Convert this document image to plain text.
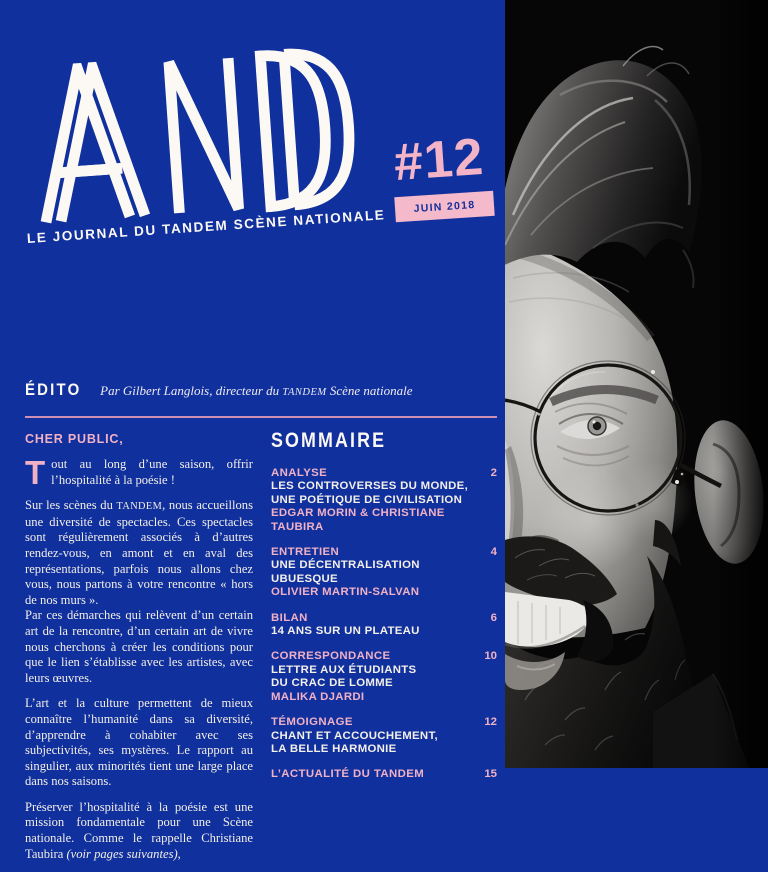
#12
JUIN 2018
LE JOURNAL DU TANDEM SCÈNE NATIONALE
ÉDITO Par Gilbert Langlois, directeur du TANDEM Scène nationale
CHER PUBLIC,

Tout au long d’une saison, offrir l’hospitalité à la poésie !

Sur les scènes du TANDEM, nous accueillons une diversité de spectacles. Ces spectacles sont régulièrement associés à d’autres rendez-vous, en amont et en aval des représentations, parfois nous allons chez vous, nous partons à votre rencontre « hors de nos murs ».

Par ces démarches qui relèvent d’un certain art de la rencontre, d’un certain art de vivre nous cherchons à créer les conditions pour que le lien s’établisse avec les artistes, avec leurs œuvres.

L’art et la culture permettent de mieux connaître l’humanité dans sa diversité, d’apprendre à cohabiter avec ses subjectivités, ses mystères. Le rapport au singulier, aux minorités tient une large place dans nos saisons.

Préserver l’hospitalité à la poésie est une mission fondamentale pour une Scène nationale. Comme le rappelle Christiane Taubira (voir pages suivantes),

SOMMAIRE
ANALYSE	2
LES CONTROVERSES DU MONDE,
UNE POÉTIQUE DE CIVILISATION
EDGAR MORIN & CHRISTIANE TAUBIRA
ENTRETIEN	4
UNE DÉCENTRALISATION
UBUESQUE
OLIVIER MARTIN-SALVAN
BILAN	6
14 ANS SUR UN PLATEAU
CORRESPONDANCE	10
LETTRE AUX ÉTUDIANTS
DU CRAC DE LOMME
MALIKA DJARDI
TÉMOIGNAGE	12
CHANT ET ACCOUCHEMENT,
LA BELLE HARMONIE
L’ACTUALITÉ DU TANDEM	15
